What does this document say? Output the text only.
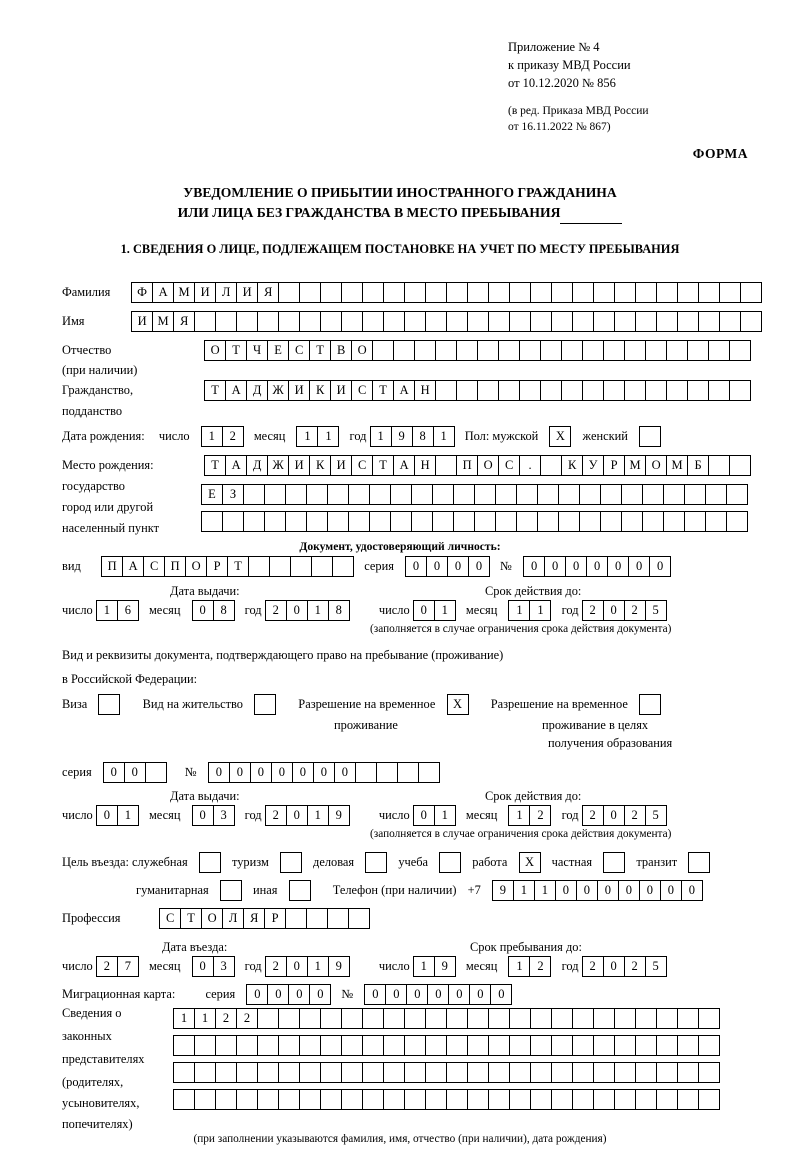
Приложение № 4
к приказу МВД России
от 10.12.2020 № 856
(в ред. Приказа МВД России
от 16.11.2022 № 867)
ФОРМА
УВЕДОМЛЕНИЕ О ПРИБЫТИИ ИНОСТРАННОГО ГРАЖДАНИНА
ИЛИ ЛИЦА БЕЗ ГРАЖДАНСТВА В МЕСТО ПРЕБЫВАНИЯ
1. СВЕДЕНИЯ О ЛИЦЕ, ПОДЛЕЖАЩЕМ ПОСТАНОВКЕ НА УЧЕТ ПО МЕСТУ ПРЕБЫВАНИЯ
Фамилия	Ф А М И Л И Я
Имя	И М Я
Отчество	О	Т	Ч	Е	С	Т	В О
(при наличии)
Гражданство,	Т	А Д Ж И К И С	Т	А Н
подданство
Дата рождения: число	1	2	месяц	1	1	год 1	9	8	1	Пол: мужской X женский
Место рождения:	Т	А Д Ж И К И С	Т	А Н
	П О С	.
	К У	Р М О М Б
государство
Е	З
город или другой
населенный пункт
Документ, удостоверяющий личность:
вид	П А С П О	Р	Т	серия	0	0	0	0	№	0	0	0	0	0	0	0
Дата выдачи:	Срок действия до:
число 1	6	месяц	0	8	год 2	0	1	8	число 0	1	месяц	1	1	год 2	0	2	5
(заполняется в случае ограничения срока действия документа)
Вид и реквизиты документа, подтверждающего право на пребывание (проживание)
в Российской Федерации:
Виза	Вид на жительство	Разрешение на временное X Разрешение на временное
проживание	проживание в целях
получения образования
серия	0	0	№	0	0	0	0	0	0	0
Дата выдачи:	Срок действия до:
число 0	1	месяц	0	3	год 2	0	1	9	число 0	1	месяц	1	2	год 2	0	2	5
(заполняется в случае ограничения срока действия документа)
Цель въезда: служебная	туризм	деловая	учеба	работа X частная	транзит
гуманитарная	иная	Телефон (при наличии) +7	9	1	1	0	0	0	0	0	0	0
Профессия	С	Т	О Л	Я	Р
Дата въезда:	Срок пребывания до:
число 2	7	месяц	0	3	год 2	0	1	9	число 1	9	месяц	1	2	год 2	0	2	5
Миграционная карта: серия	0	0	0	0	№	0	0	0	0	0	0	0
Сведения о
законных
представителях
(родителях,
усыновителях,
попечителях)
1	1	2	2
(при заполнении указываются фамилия, имя, отчество (при наличии), дата рождения)
